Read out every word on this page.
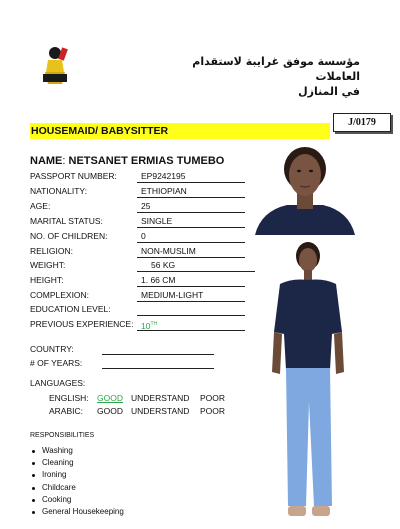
مؤسسة موفق غرايبة لاستقدام العاملات
في المنازل
J/0179
HOUSEMAID/ BABYSITTER
NAME: NETSANET ERMIAS TUMEBO
PASSPORT NUMBER:	EP9242195
NATIONALITY:	ETHIOPIAN
AGE:	25
MARITAL STATUS:	SINGLE
NO. OF CHILDREN:	0
RELIGION:	NON-MUSLIM
WEIGHT:	56 KG
HEIGHT:	1. 66 CM
COMPLEXION:	MEDIUM-LIGHT
EDUCATION LEVEL:
PREVIOUS EXPERIENCE: 10TH
COUNTRY:
# OF YEARS:
LANGUAGES:
ENGLISH: GOOD UNDERSTAND POOR
ARABIC: GOOD UNDERSTAND POOR
RESPONSIBILITIES
Washing
Cleaning
Ironing
Childcare
Cooking
General Housekeeping
